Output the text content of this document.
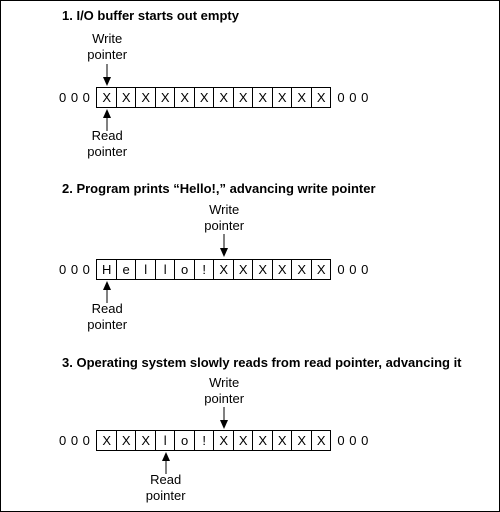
1. I/O buffer starts out empty
Write
pointer
0 0 0 X X X X X X X X X X X X 0 0 0
Read
pointer
2. Program prints “Hello!,” advancing write pointer
Write
pointer
0 0 0 H e	l	l	o	!	X X X X X X 0 0 0
Read
pointer
3. Operating system slowly reads from read pointer, advancing it
Write
pointer
0 0 0 X X X	l	o	!	X X X X X X 0 0 0
Read
pointer
